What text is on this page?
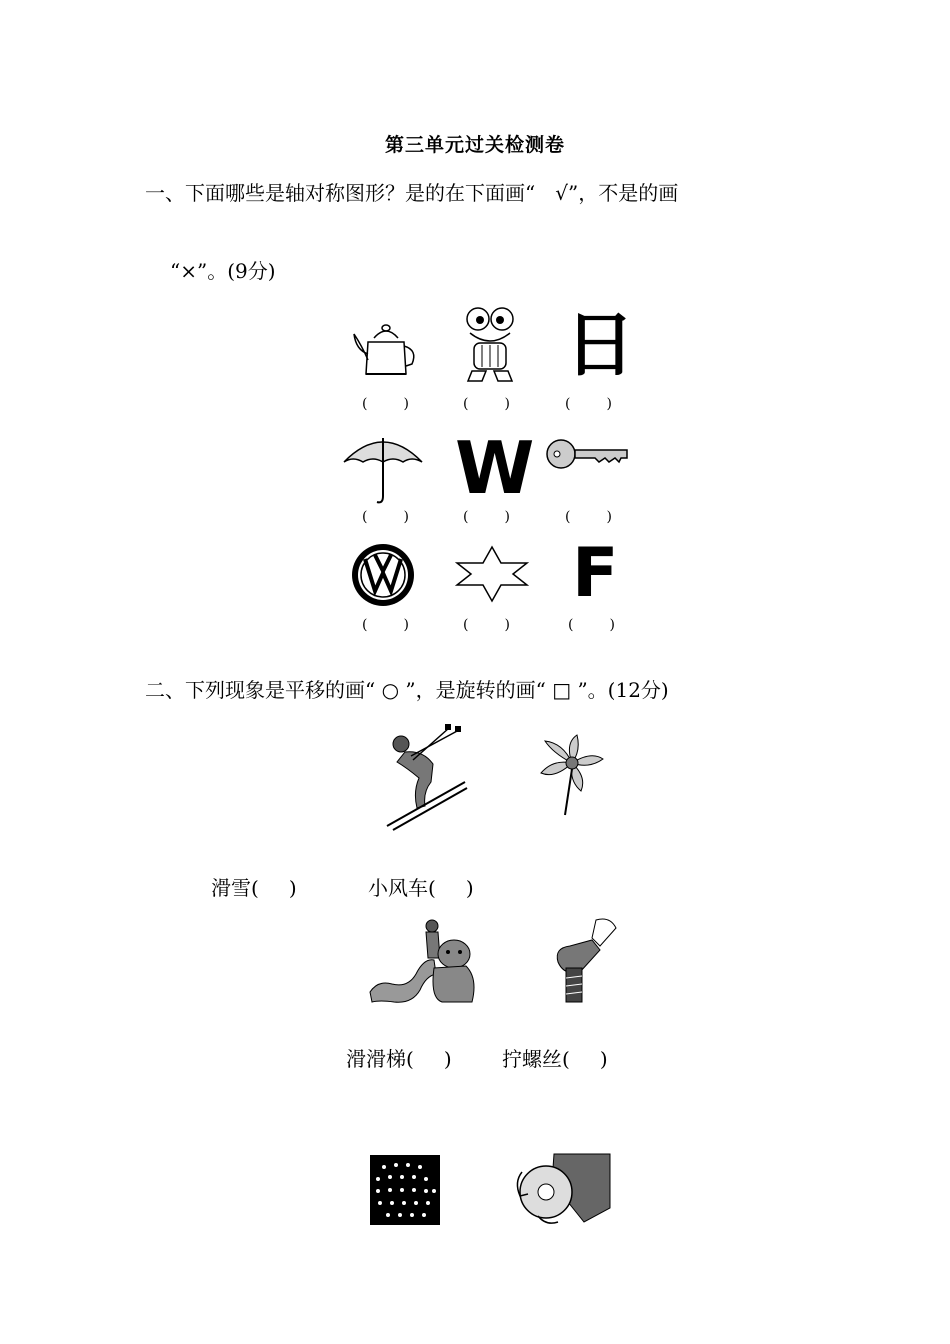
第三单元过关检测卷
一、下面哪些是轴对称图形？是的在下面画“　√”，不是的画
“×”。(9分)
日
(	)	(	)	(	)
W
(	)	(	)	(	)
F
(	)	(	)	(	)
二、下列现象是平移的画“ ○ ”，是旋转的画“ □ ”。(12分)
滑雪( )	小风车( )
滑滑梯( )	拧螺丝( )
